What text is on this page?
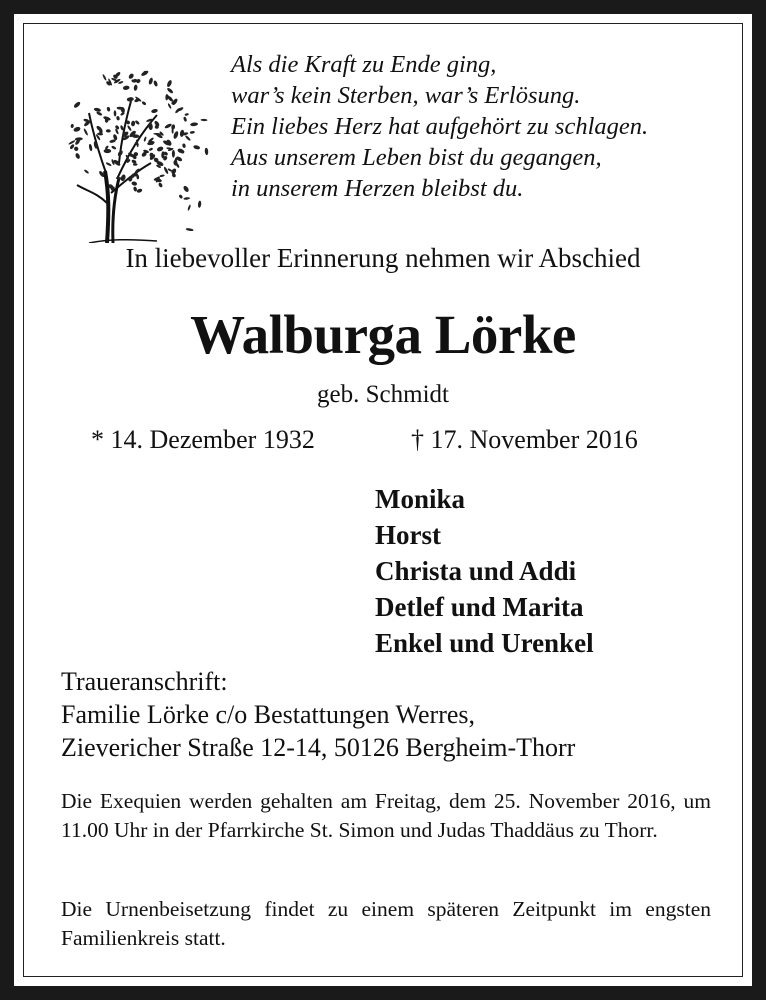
Als die Kraft zu Ende ging,
war’s kein Sterben, war’s Erlösung.
Ein liebes Herz hat aufgehört zu schlagen.
Aus unserem Leben bist du gegangen,
in unserem Herzen bleibst du.
In liebevoller Erinnerung nehmen wir Abschied
Walburga Lörke
geb. Schmidt
* 14. Dezember 1932	† 17. November 2016
Monika
Horst
Christa und Addi
Detlef und Marita
Enkel und Urenkel
Traueranschrift:
Familie Lörke c/o Bestattungen Werres,
Zievericher Straße 12-14, 50126 Bergheim-Thorr
Die Exequien werden gehalten am Freitag, dem 25. November 2016, um 11.00 Uhr in der Pfarrkirche St. Simon und Judas Thaddäus zu Thorr.
Die Urnenbeisetzung findet zu einem späteren Zeitpunkt im engsten Familienkreis statt.
